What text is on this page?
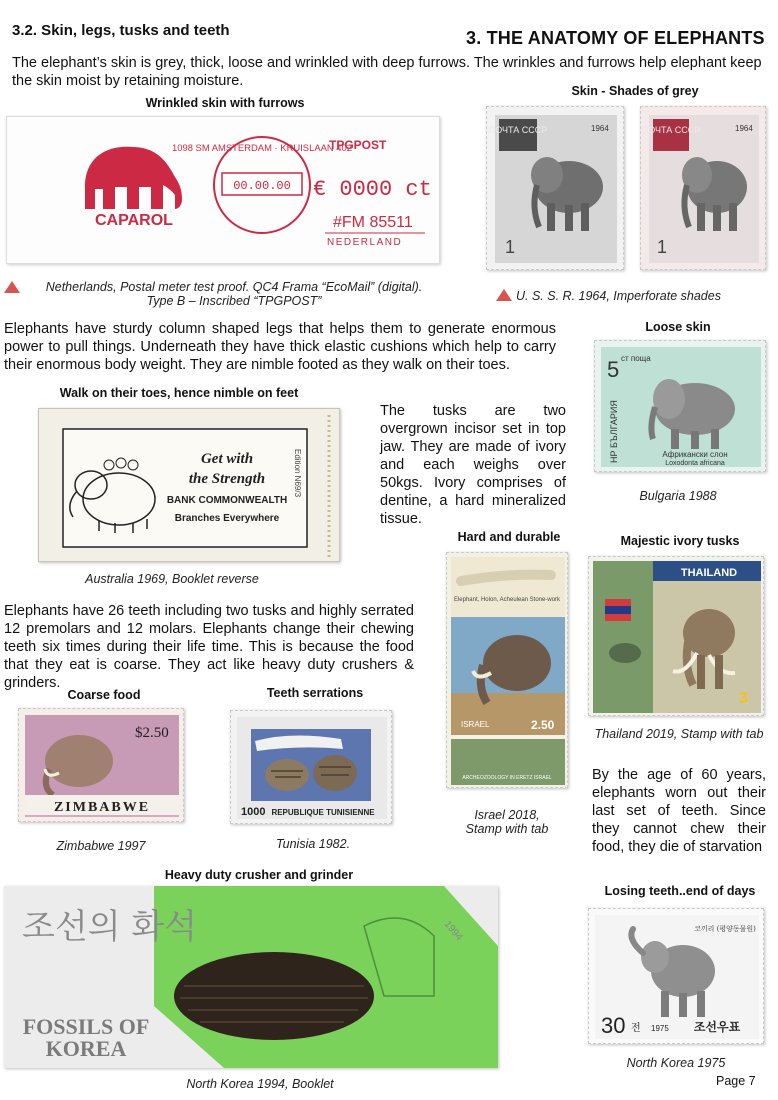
3.2. Skin, legs, tusks and teeth	3. THE ANATOMY OF ELEPHANTS
The elephant’s skin is grey, thick, loose and wrinkled with deep furrows. The wrinkles and furrows help elephant keep the skin moist by retaining moisture.
Wrinkled skin with furrows
CAPAROL
00.00.00
1098 SM AMSTERDAM · KRUISLAAN 402
TPGPOST
€ 0000 ct
#FM 85511
NEDERLAND
Netherlands, Postal meter test proof. QC4 Frama “EcoMail” (digital).
Type B – Inscribed “TPGPOST”
Skin - Shades of grey
ПОЧТА СССР	1964
1
ПОЧТА СССР	1964
1
U. S. S. R. 1964, Imperforate shades
Elephants have sturdy column shaped legs that helps them to generate enormous power to pull things. Underneath they have thick elastic cushions which help to carry their enormous body weight. They are nimble footed as they walk on their toes.
Walk on their toes, hence nimble on feet
Get with
the Strength
BANK COMMONWEALTH
Branches Everywhere
Edition N69/3
Australia 1969, Booklet reverse
Loose skin
5 ст пощa
НР БЪЛГАРИЯ	Африкански слон
Loxodonta africana
Bulgaria 1988
The tusks are two overgrown incisor set in top jaw. They are made of ivory and each weighs over 50kgs. Ivory comprises of dentine, a hard mineralized tissue.
Hard and durable
Elephant, Holon, Acheulean Stone-work
ISRAEL	2.50
ARCHEOZOOLOGY IN ERETZ ISRAEL
Israel 2018,
Stamp with tab
Majestic ivory tusks
THAILAND
3
Thailand 2019, Stamp with tab
Elephants have 26 teeth including two tusks and highly serrated 12 premolars and 12 molars. Elephants change their chewing teeth six times during their life time. This is because the food that they eat is coarse. They act like heavy duty crushers & grinders.
Coarse food
$2.50
ZIMBABWE
Zimbabwe 1997
Teeth serrations
1000 REPUBLIQUE TUNISIENNE
Tunisia 1982.
By the age of 60 years, elephants worn out their last set of teeth. Since they cannot chew their food, they die of starvation
Losing teeth..end of days
코끼리 (평양동물원)
30 전 1975 조선우표
North Korea 1975
Heavy duty crusher and grinder
1994
조선의 화석
FOSSILS OF
KOREA
North Korea 1994, Booklet	Page 7
